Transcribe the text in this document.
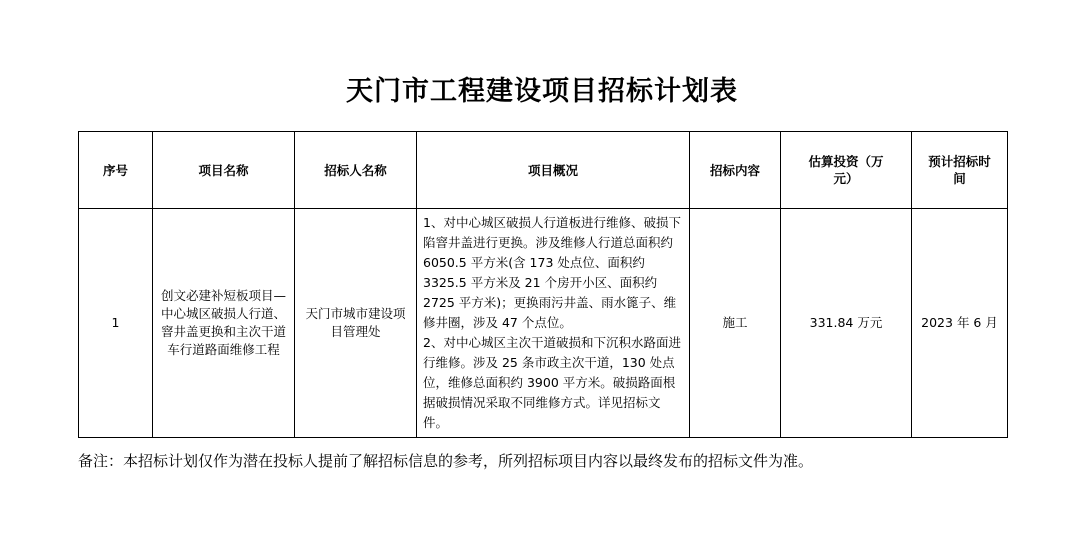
天门市工程建设项目招标计划表
序号	项目名称	招标人名称	项目概况	招标内容	估算投资（万元）	预计招标时间
1	创文必建补短板项目—中心城区破损人行道、窨井盖更换和主次干道车行道路面维修工程	天门市城市建设项目管理处	1、对中心城区破损人行道板进行维修、破损下陷窨井盖进行更换。涉及维修人行道总面积约 6050.5 平方米(含 173 处点位、面积约 3325.5 平方米及 21 个房开小区、面积约 2725 平方米)；更换雨污井盖、雨水篦子、维修井圈，涉及 47 个点位。

2、对中心城区主次干道破损和下沉积水路面进行维修。涉及 25 条市政主次干道，130 处点位，维修总面积约 3900 平方米。破损路面根据破损情况采取不同维修方式。详见招标文件。	施工	331.84 万元	2023 年 6 月
备注：本招标计划仅作为潜在投标人提前了解招标信息的参考，所列招标项目内容以最终发布的招标文件为准。
